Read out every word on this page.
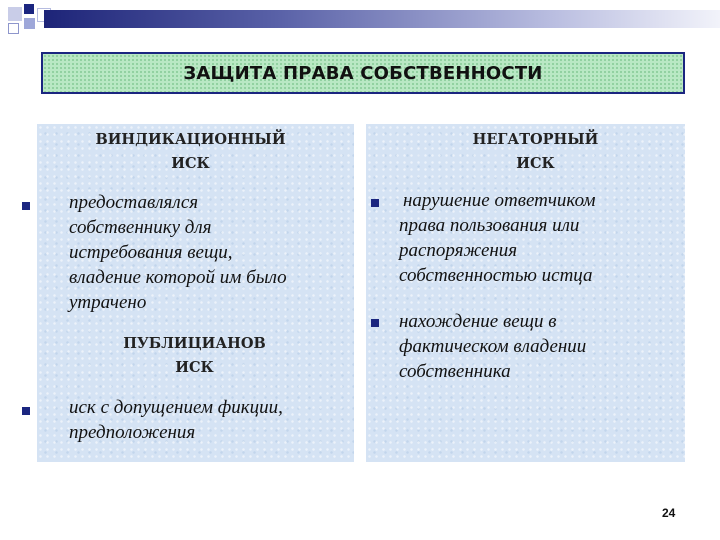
ЗАЩИТА ПРАВА СОБСТВЕННОСТИ
ВИНДИКАЦИОННЫЙ
ИСК
предоставлялся
собственнику для
истребования вещи,
владение которой им было
утрачено
ПУБЛИЦИАНОВ
ИСК
иск с допущением фикции,
предположения
НЕГАТОРНЫЙ
ИСК
нарушение ответчиком
права пользования или
распоряжения
собственностью истца
нахождение вещи в
фактическом владении
собственника
24
